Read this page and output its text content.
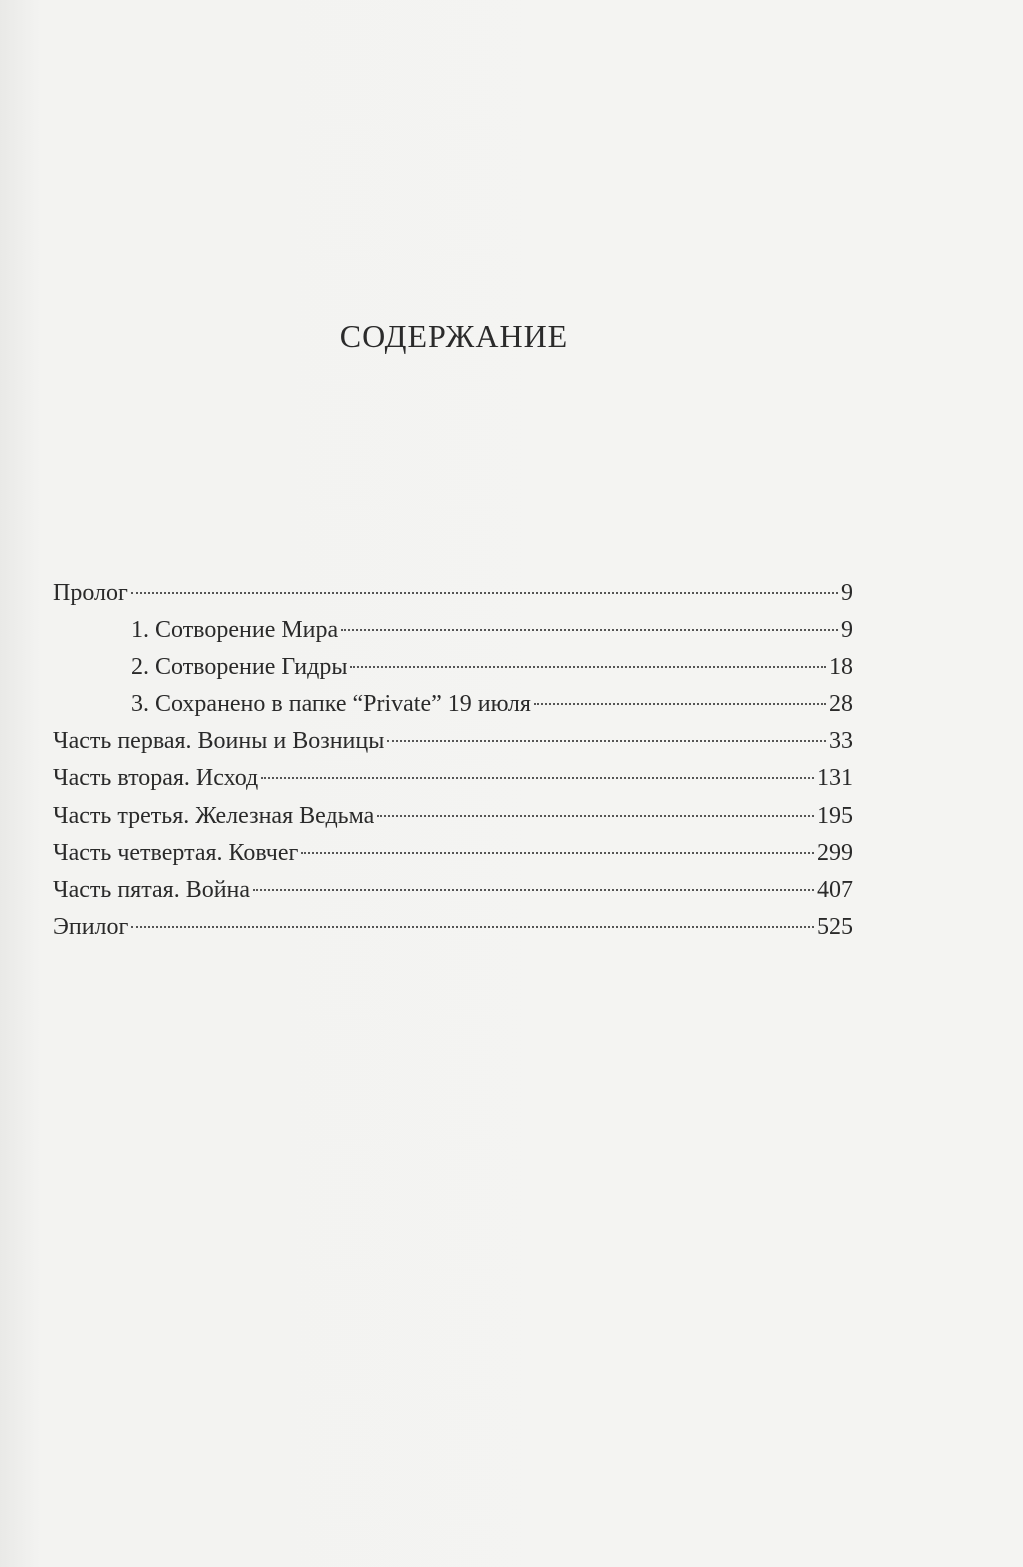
СОДЕРЖАНИЕ
Пролог	9
1. Сотворение Мира	9
2. Сотворение Гидры	18
3. Сохранено в папке “Private” 19 июля	28
Часть первая. Воины и Возницы	33
Часть вторая. Исход	131
Часть третья. Железная Ведьма	195
Часть четвертая. Ковчег	299
Часть пятая. Война	407
Эпилог	525
